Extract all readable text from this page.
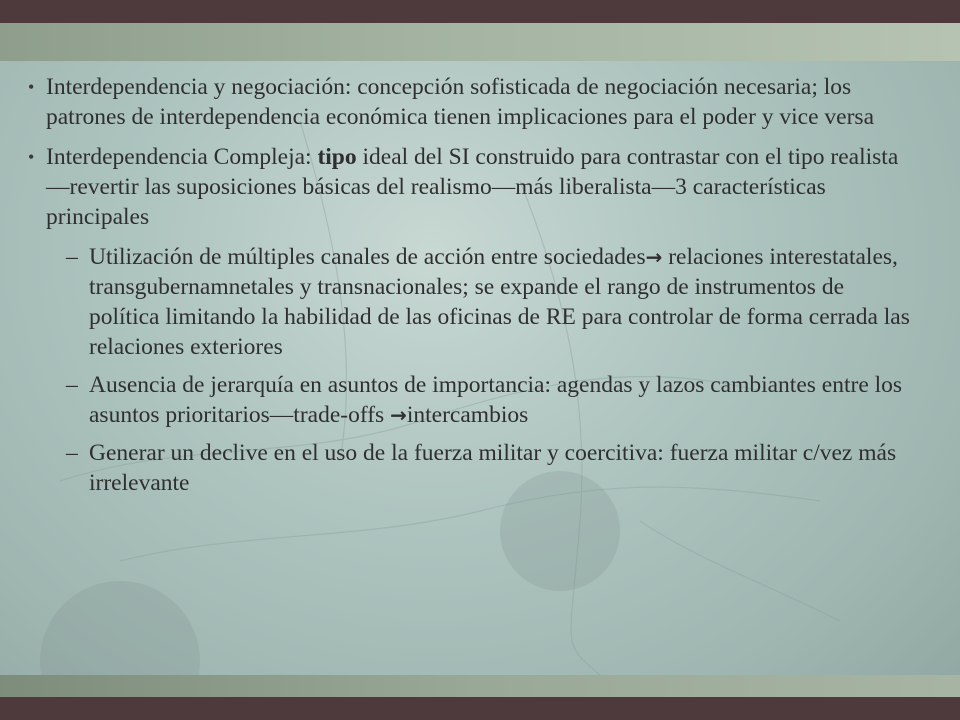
• Interdependencia y negociación: concepción sofisticada de negociación necesaria; los patrones de interdependencia económica tienen implicaciones para el poder y vice versa
• Interdependencia Compleja: tipo ideal del SI construido para contrastar con el tipo realista—revertir las suposiciones básicas del realismo—más liberalista—3 características principales
– Utilización de múltiples canales de acción entre sociedades→ relaciones interestatales, transgubernamnetales y transnacionales; se expande el rango de instrumentos de política limitando la habilidad de las oficinas de RE para controlar de forma cerrada las relaciones exteriores
– Ausencia de jerarquía en asuntos de importancia: agendas y lazos cambiantes entre los asuntos prioritarios—trade-offs →intercambios
– Generar un declive en el uso de la fuerza militar y coercitiva: fuerza militar c/vez más irrelevante
